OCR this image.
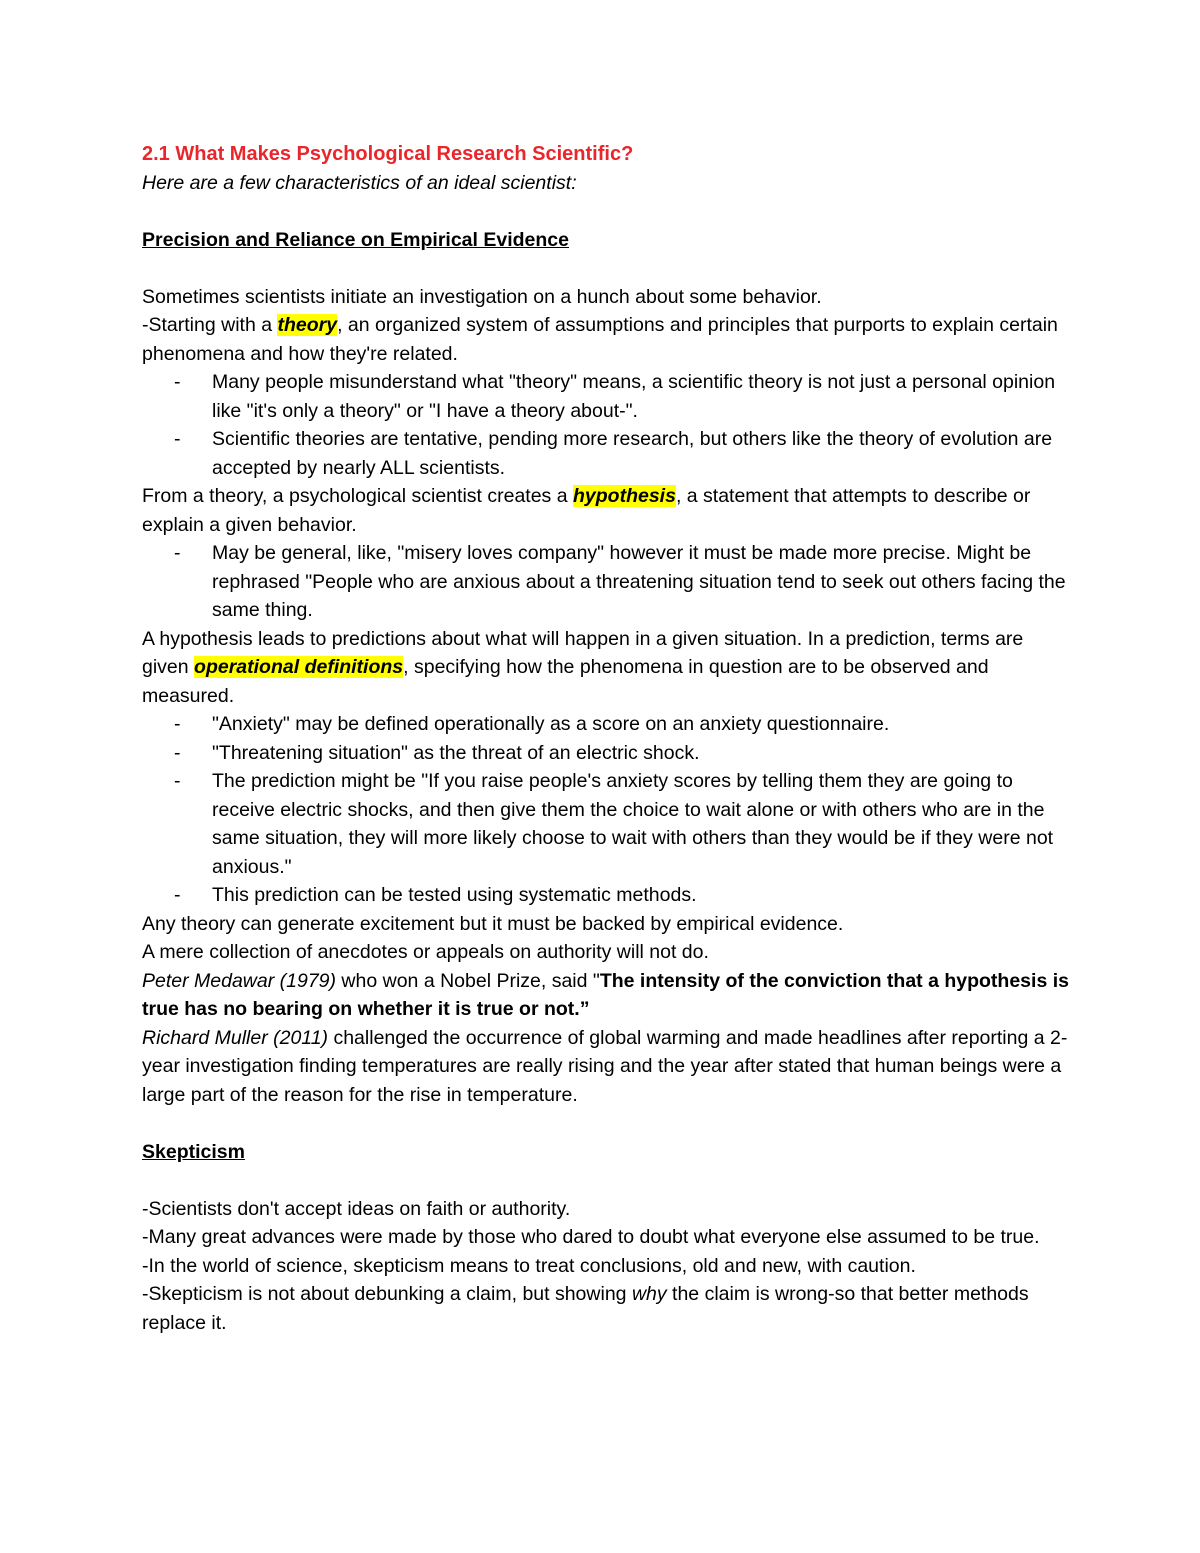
2.1 What Makes Psychological Research Scientific?

Here are a few characteristics of an ideal scientist:

Precision and Reliance on Empirical Evidence

Sometimes scientists initiate an investigation on a hunch about some behavior.

-Starting with a theory, an organized system of assumptions and principles that purports to explain certain phenomena and how they're related.

- Many people misunderstand what "theory" means, a scientific theory is not just a personal opinion like "it's only a theory" or "I have a theory about-".
- Scientific theories are tentative, pending more research, but others like the theory of evolution are accepted by nearly ALL scientists.

From a theory, a psychological scientist creates a hypothesis, a statement that attempts to describe or explain a given behavior.

- May be general, like, "misery loves company" however it must be made more precise. Might be rephrased "People who are anxious about a threatening situation tend to seek out others facing the same thing.

A hypothesis leads to predictions about what will happen in a given situation. In a prediction, terms are given operational definitions, specifying how the phenomena in question are to be observed and measured.

- "Anxiety" may be defined operationally as a score on an anxiety questionnaire.
- "Threatening situation" as the threat of an electric shock.
- The prediction might be "If you raise people's anxiety scores by telling them they are going to receive electric shocks, and then give them the choice to wait alone or with others who are in the same situation, they will more likely choose to wait with others than they would be if they were not anxious."
- This prediction can be tested using systematic methods.

Any theory can generate excitement but it must be backed by empirical evidence.

A mere collection of anecdotes or appeals on authority will not do.

Peter Medawar (1979) who won a Nobel Prize, said "The intensity of the conviction that a hypothesis is true has no bearing on whether it is true or not.”

Richard Muller (2011) challenged the occurrence of global warming and made headlines after reporting a 2-year investigation finding temperatures are really rising and the year after stated that human beings were a large part of the reason for the rise in temperature.

Skepticism

-Scientists don't accept ideas on faith or authority.

-Many great advances were made by those who dared to doubt what everyone else assumed to be true.

-In the world of science, skepticism means to treat conclusions, old and new, with caution.

-Skepticism is not about debunking a claim, but showing why the claim is wrong-so that better methods replace it.
